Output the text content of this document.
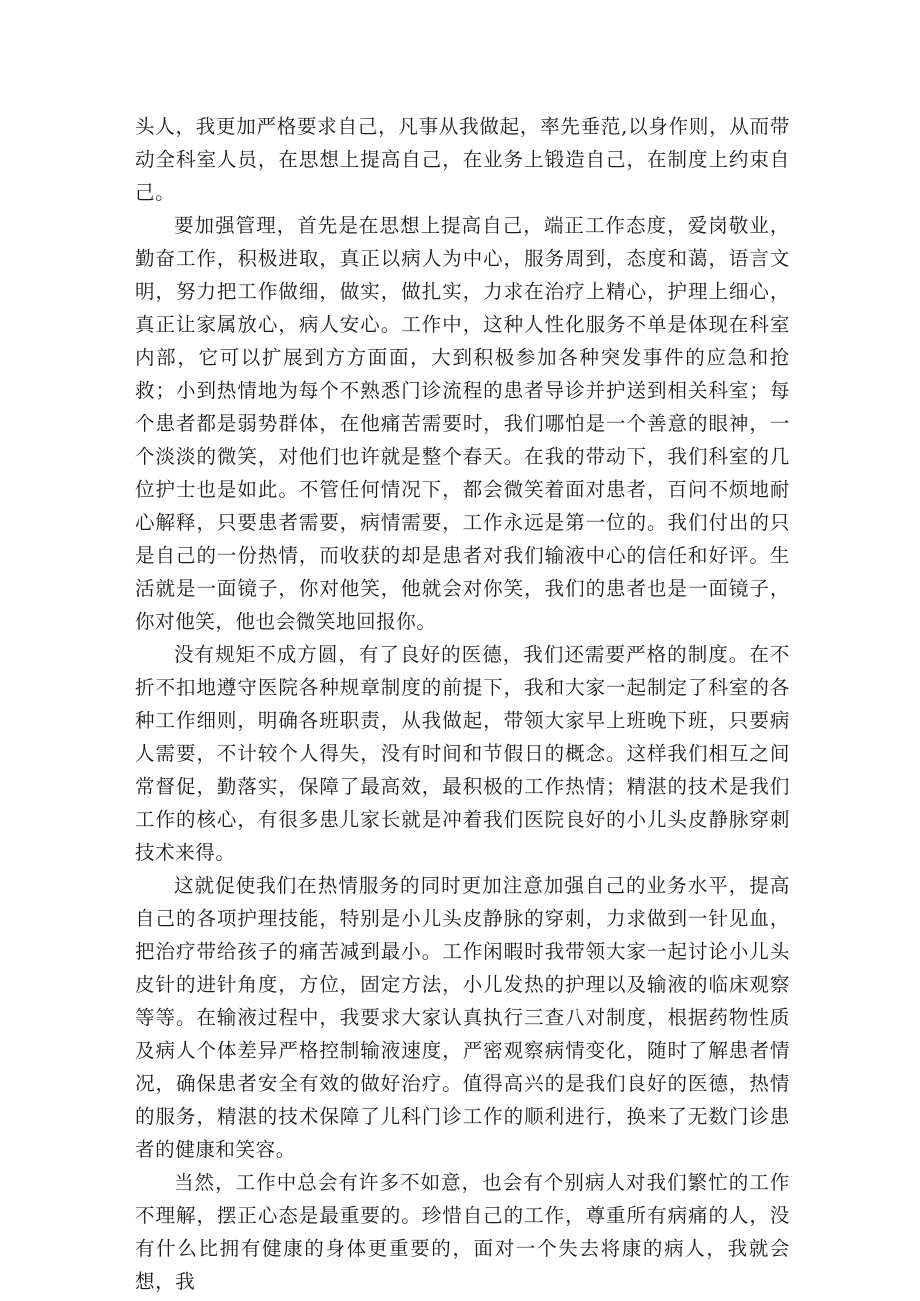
头人，我更加严格要求自己，凡事从我做起，率先垂范,以身作则，从而带动全科室人员，在思想上提高自己，在业务上锻造自己，在制度上约束自己。

要加强管理，首先是在思想上提高自己，端正工作态度，爱岗敬业，勤奋工作，积极进取，真正以病人为中心，服务周到，态度和蔼，语言文明，努力把工作做细，做实，做扎实，力求在治疗上精心，护理上细心，真正让家属放心，病人安心。工作中，这种人性化服务不单是体现在科室内部，它可以扩展到方方面面，大到积极参加各种突发事件的应急和抢救；小到热情地为每个不熟悉门诊流程的患者导诊并护送到相关科室；每个患者都是弱势群体，在他痛苦需要时，我们哪怕是一个善意的眼神，一个淡淡的微笑，对他们也许就是整个春天。在我的带动下，我们科室的几位护士也是如此。不管任何情况下，都会微笑着面对患者，百问不烦地耐心解释，只要患者需要，病情需要，工作永远是第一位的。我们付出的只是自己的一份热情，而收获的却是患者对我们输液中心的信任和好评。生活就是一面镜子，你对他笑，他就会对你笑，我们的患者也是一面镜子，你对他笑，他也会微笑地回报你。

没有规矩不成方圆，有了良好的医德，我们还需要严格的制度。在不折不扣地遵守医院各种规章制度的前提下，我和大家一起制定了科室的各种工作细则，明确各班职责，从我做起，带领大家早上班晚下班，只要病人需要，不计较个人得失，没有时间和节假日的概念。这样我们相互之间常督促，勤落实，保障了最高效，最积极的工作热情；精湛的技术是我们工作的核心，有很多患儿家长就是冲着我们医院良好的小儿头皮静脉穿刺技术来得。

这就促使我们在热情服务的同时更加注意加强自己的业务水平，提高自己的各项护理技能，特别是小儿头皮静脉的穿刺，力求做到一针见血，把治疗带给孩子的痛苦减到最小。工作闲暇时我带领大家一起讨论小儿头皮针的进针角度，方位，固定方法，小儿发热的护理以及输液的临床观察等等。在输液过程中，我要求大家认真执行三查八对制度，根据药物性质及病人个体差异严格控制输液速度，严密观察病情变化，随时了解患者情况，确保患者安全有效的做好治疗。值得高兴的是我们良好的医德，热情的服务，精湛的技术保障了儿科门诊工作的顺利进行，换来了无数门诊患者的健康和笑容。

当然，工作中总会有许多不如意，也会有个别病人对我们繁忙的工作不理解，摆正心态是最重要的。珍惜自己的工作，尊重所有病痛的人，没有什么比拥有健康的身体更重要的，面对一个失去将康的病人，我就会想，我
